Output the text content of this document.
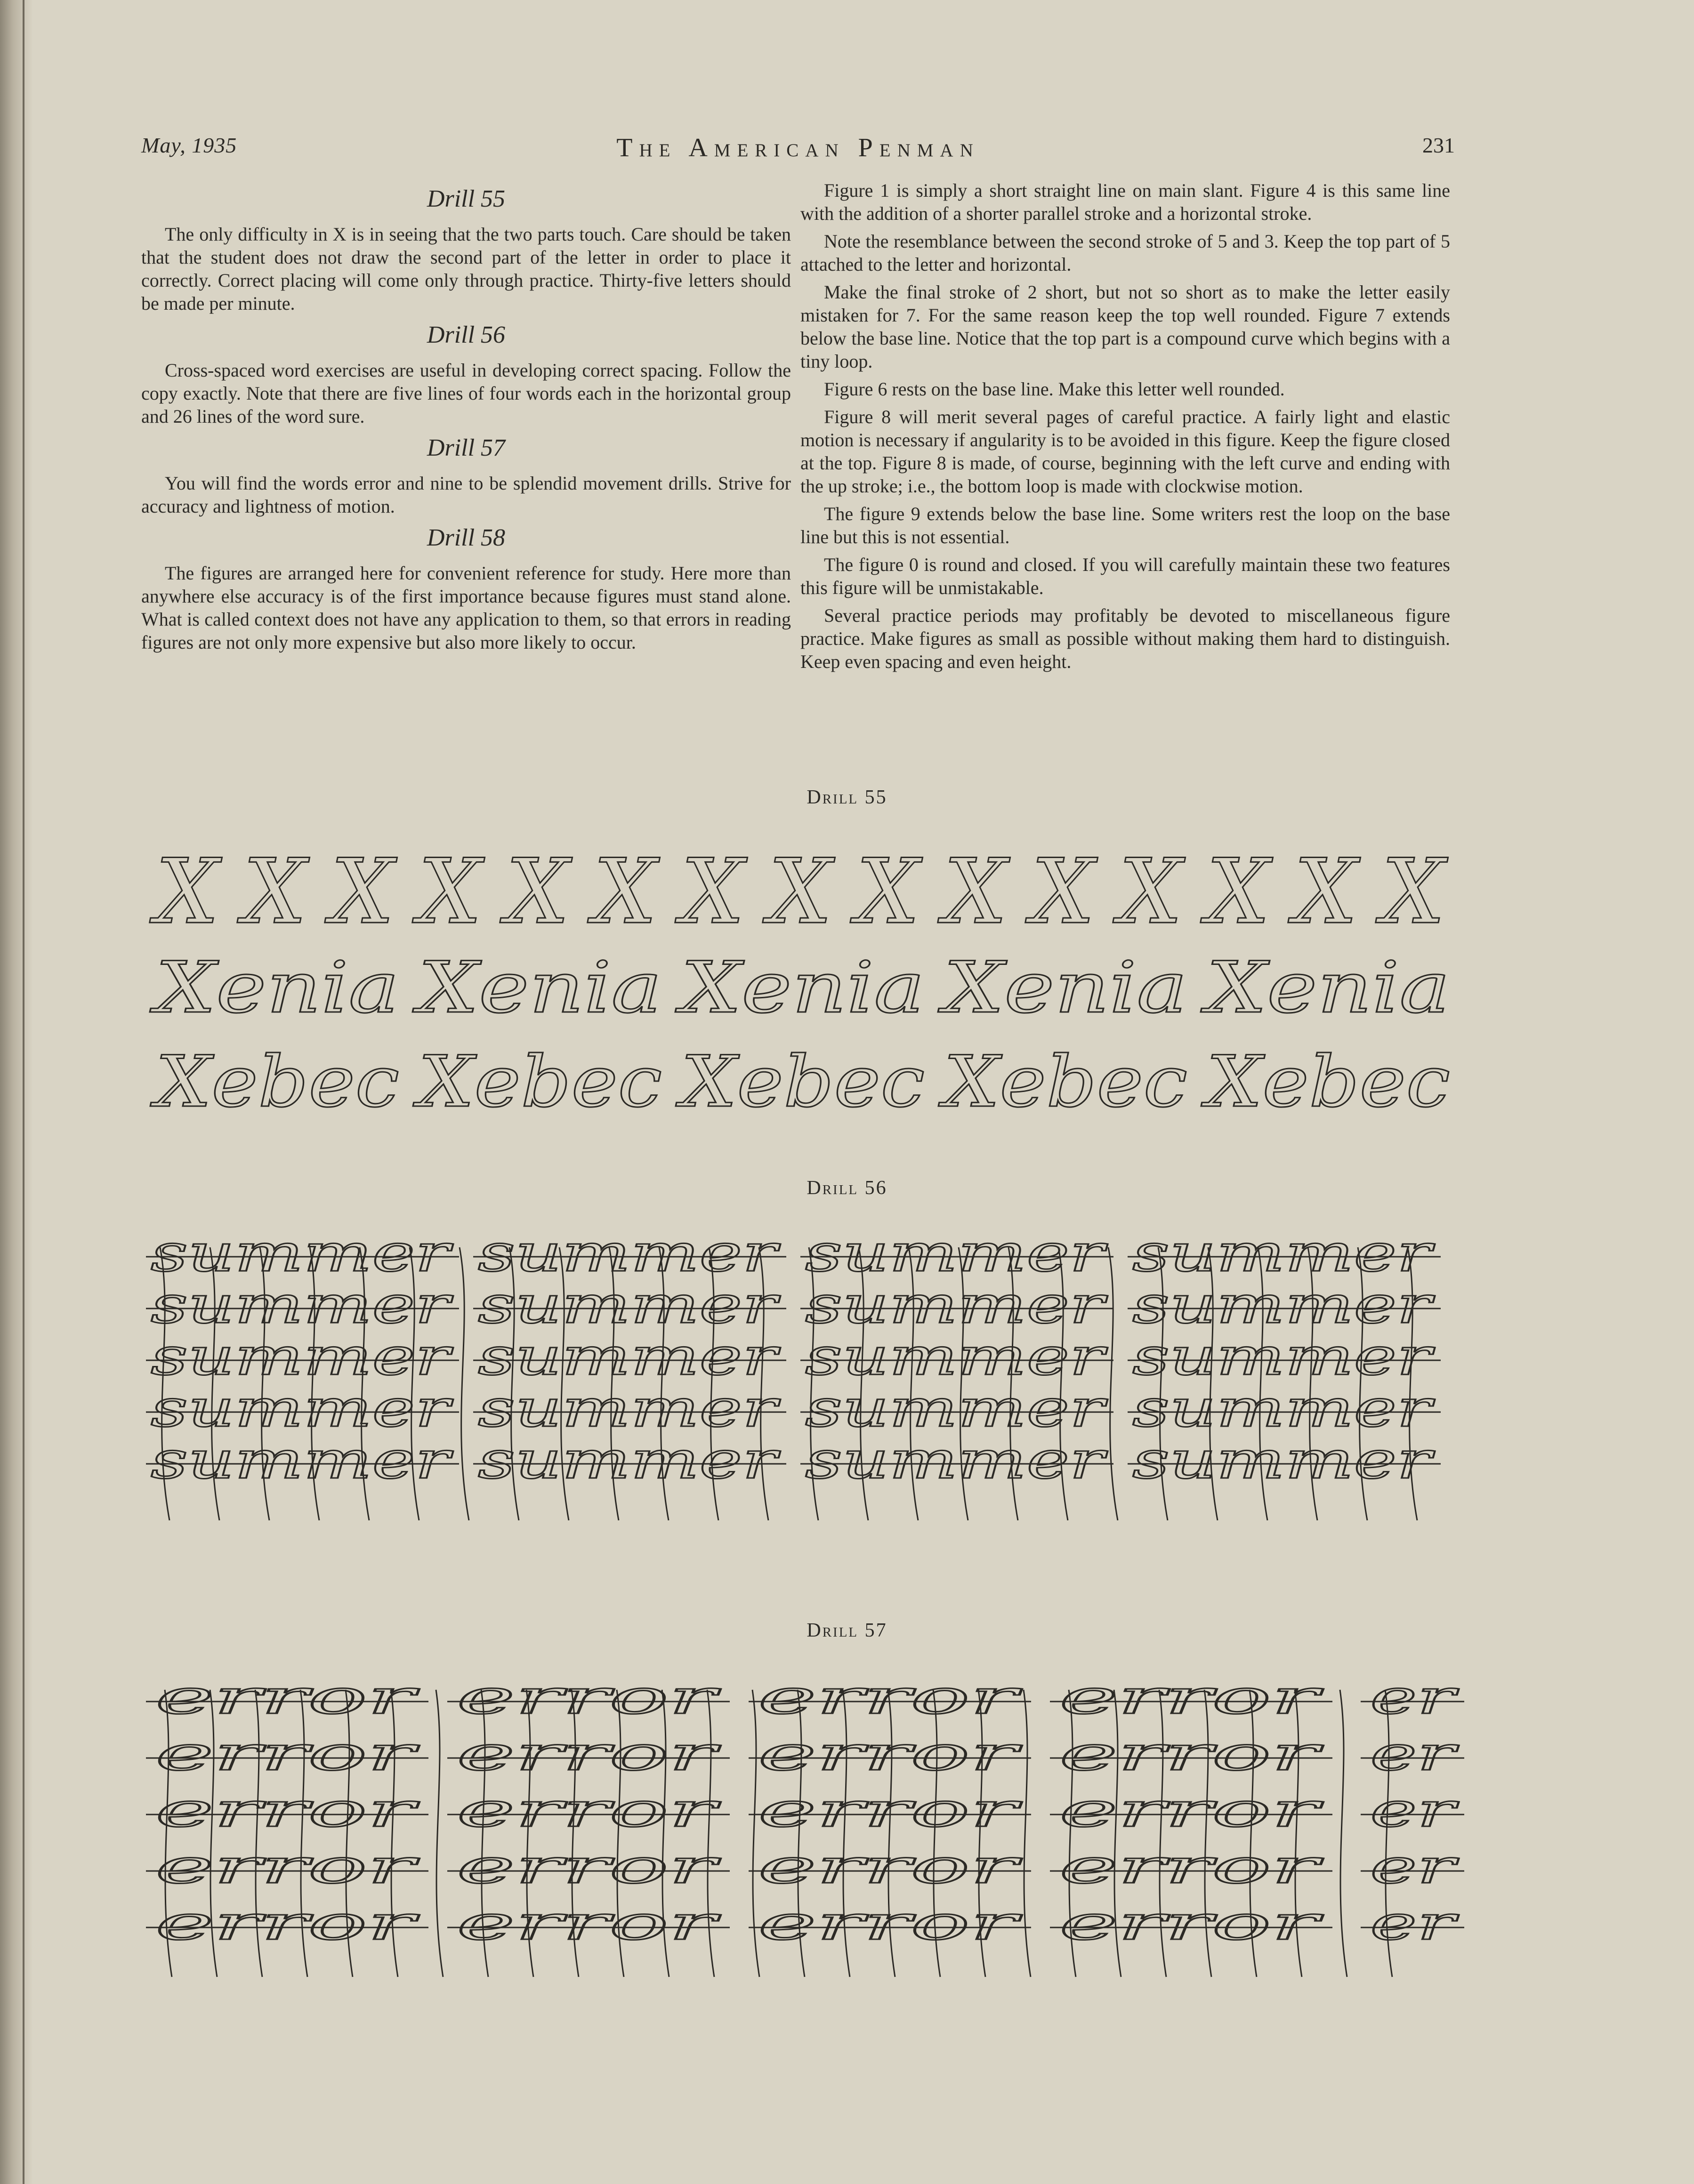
May, 1935	The American Penman	231
Drill 55

The only difficulty in X is in seeing that the two parts touch. Care should be taken that the student does not draw the second part of the letter in order to place it correctly. Correct placing will come only through practice. Thirty-five letters should be made per minute.

Drill 56

Cross-spaced word exercises are useful in developing correct spacing. Follow the copy exactly. Note that there are five lines of four words each in the horizontal group and 26 lines of the word sure.

Drill 57

You will find the words error and nine to be splendid movement drills. Strive for accuracy and lightness of motion.

Drill 58

The figures are arranged here for convenient reference for study. Here more than anywhere else accuracy is of the first importance because figures must stand alone. What is called context does not have any application to them, so that errors in reading figures are not only more expensive but also more likely to occur.

Figure 1 is simply a short straight line on main slant. Figure 4 is this same line with the addition of a shorter parallel stroke and a horizontal stroke.

Note the resemblance between the second stroke of 5 and 3. Keep the top part of 5 attached to the letter and horizontal.

Make the final stroke of 2 short, but not so short as to make the letter easily mistaken for 7. For the same reason keep the top well rounded. Figure 7 extends below the base line. Notice that the top part is a compound curve which begins with a tiny loop.

Figure 6 rests on the base line. Make this letter well rounded.

Figure 8 will merit several pages of careful practice. A fairly light and elastic motion is necessary if angularity is to be avoided in this figure. Keep the figure closed at the top. Figure 8 is made, of course, beginning with the left curve and ending with the up stroke; i.e., the bottom loop is made with clockwise motion.

The figure 9 extends below the base line. Some writers rest the loop on the base line but this is not essential.

The figure 0 is round and closed. If you will carefully maintain these two features this figure will be unmistakable.

Several practice periods may profitably be devoted to miscellaneous figure practice. Make figures as small as possible without making them hard to distinguish. Keep even spacing and even height.

Drill 55
X X X X X X X X X X X X X X X
Xenia Xenia Xenia Xenia Xenia
Xebec Xebec Xebec Xebec Xebec
Drill 56
summer summer summer summer
summer summer summer summer
summer summer summer summer
summer summer summer summer
summer summer summer summer
Drill 57
error error error error er
error error error error er
error error error error er
error error error error er
error error error error er
